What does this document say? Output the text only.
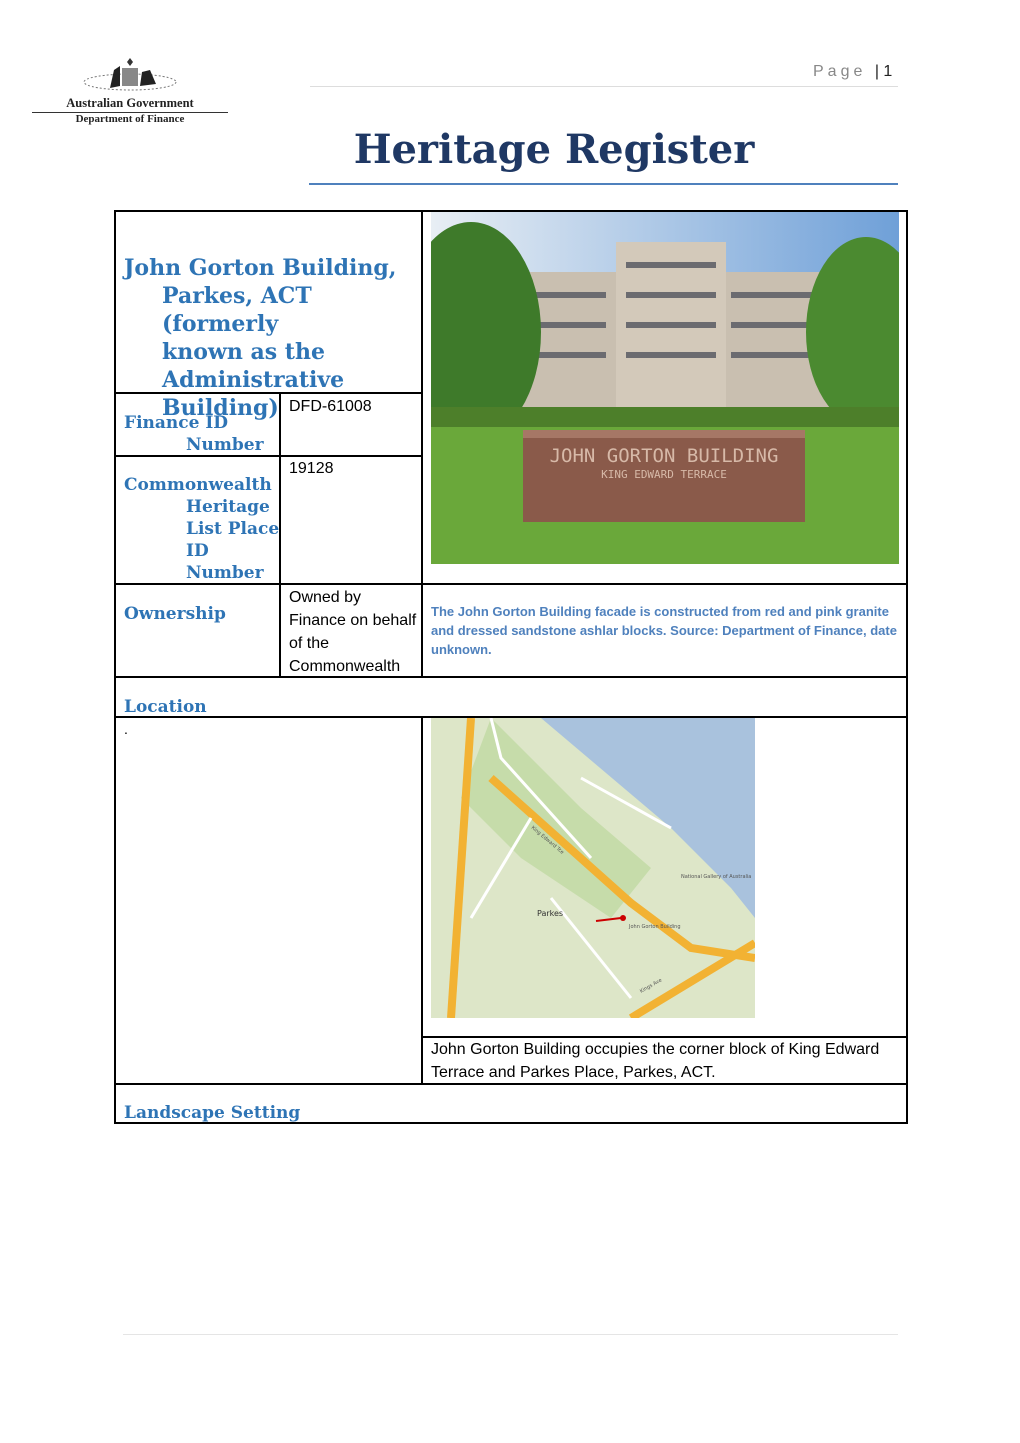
Australian Government
Department of Finance
Page | 1
Heritage Register
John Gorton Building,
Parkes, ACT (formerly
known as the
Administrative
Building)
Finance ID
Number
DFD-61008
Commonwealth
Heritage
List Place
ID
Number
19128
Ownership
Owned by Finance on behalf of the Commonwealth
JOHN GORTON BUILDING
KING EDWARD TERRACE
The John Gorton Building facade is constructed from red and pink granite and dressed sandstone ashlar blocks. Source: Department of Finance, date unknown.
Location
.
Parkes
John Gorton Building
National Gallery of Australia
Kings Ave
King Edward Tce
John Gorton Building occupies the corner block of King Edward Terrace and Parkes Place, Parkes, ACT.
Landscape Setting
